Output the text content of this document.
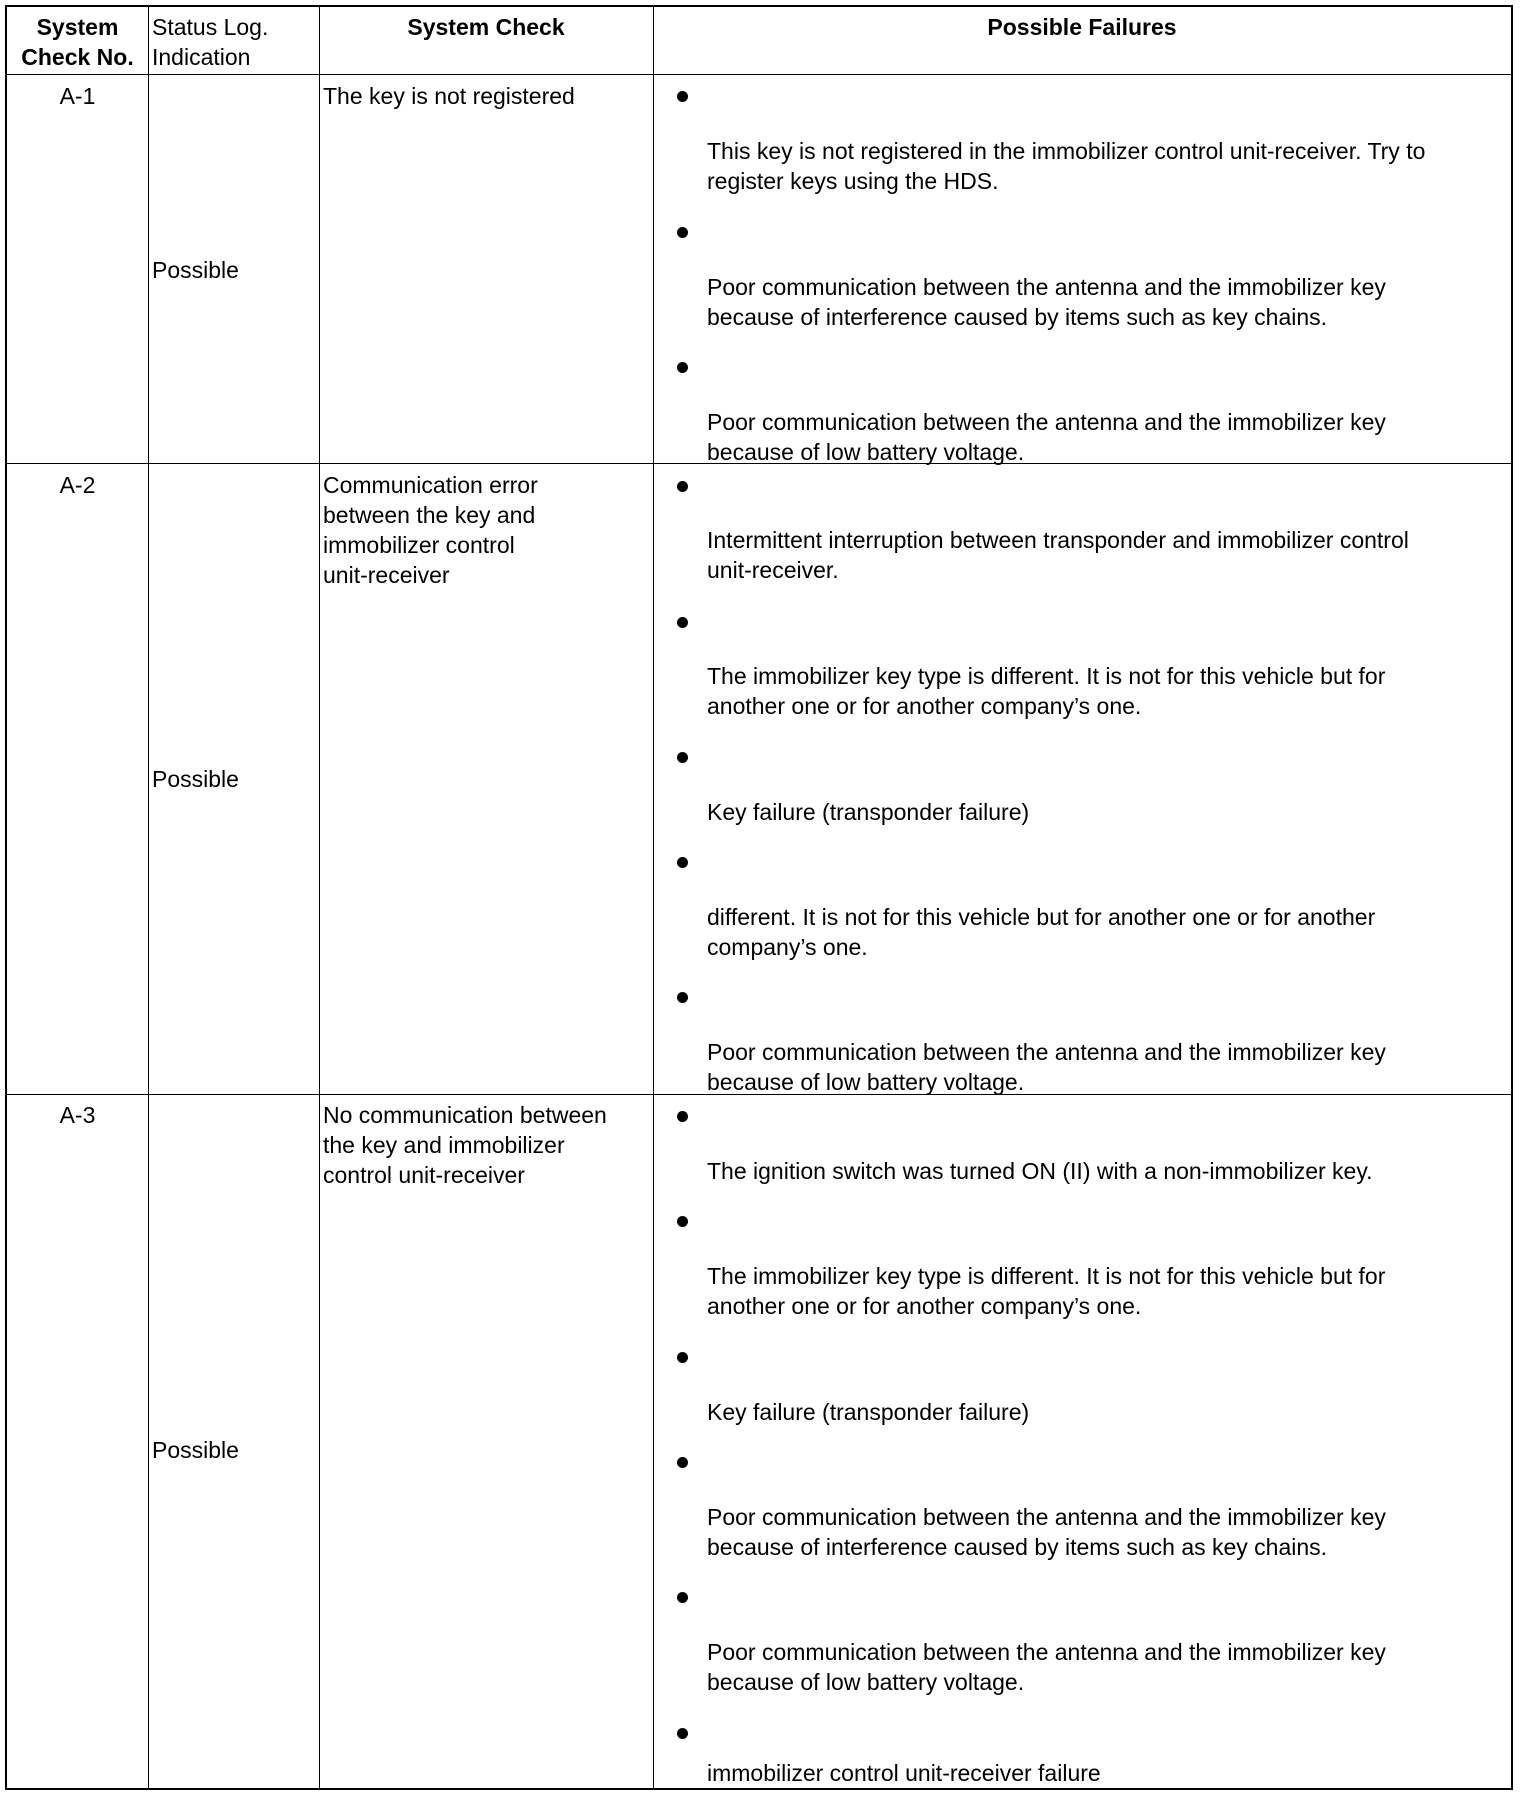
System
Check No.
Status Log.
Indication
System Check	Possible Failures
A-1
Possible
The key is not registered
This key is not registered in the immobilizer control unit-receiver. Try to
register keys using the HDS.
Poor communication between the antenna and the immobilizer key
because of interference caused by items such as key chains.
Poor communication between the antenna and the immobilizer key
because of low battery voltage.
A-2
Possible
Communication error
between the key and
immobilizer control
unit-receiver
Intermittent interruption between transponder and immobilizer control
unit-receiver.
The immobilizer key type is different. It is not for this vehicle but for
another one or for another company’s one.
Key failure (transponder failure)
different. It is not for this vehicle but for another one or for another
company’s one.
Poor communication between the antenna and the immobilizer key
because of low battery voltage.
A-3
Possible
No communication between
the key and immobilizer
control unit-receiver	The ignition switch was turned ON (II) with a non-immobilizer key.
The immobilizer key type is different. It is not for this vehicle but for
another one or for another company’s one.
Key failure (transponder failure)
Poor communication between the antenna and the immobilizer key
because of interference caused by items such as key chains.
Poor communication between the antenna and the immobilizer key
because of low battery voltage.
immobilizer control unit-receiver failure
